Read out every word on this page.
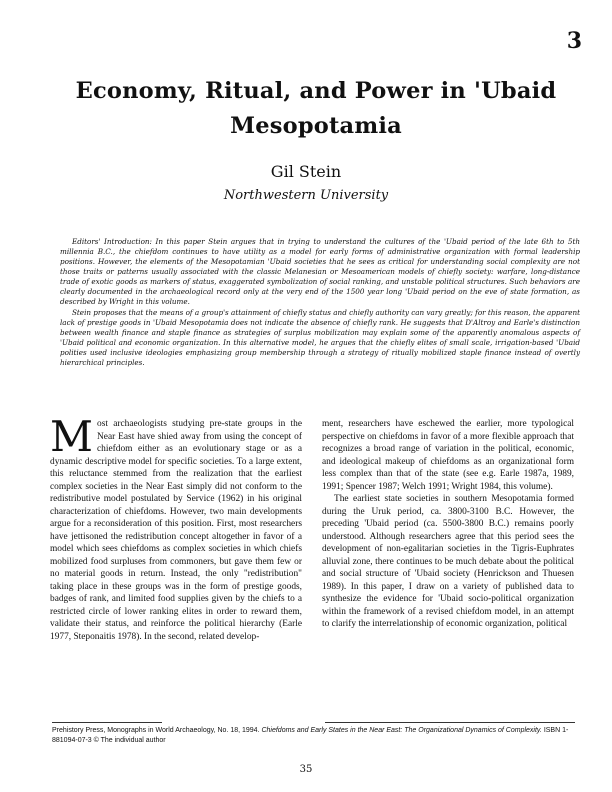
3
Economy, Ritual, and Power in 'Ubaid Mesopotamia
Gil Stein
Northwestern University

Editors' Introduction: In this paper Stein argues that in trying to understand the cultures of the 'Ubaid period of the late 6th to 5th millennia B.C., the chiefdom continues to have utility as a model for early forms of administrative organization with formal leadership positions. However, the elements of the Mesopotamian 'Ubaid societies that he sees as critical for understanding social complexity are not those traits or patterns usually associated with the classic Melanesian or Mesoamerican models of chiefly society: warfare, long-distance trade of exotic goods as markers of status, exaggerated symbolization of social ranking, and unstable political structures. Such behaviors are clearly documented in the archaeological record only at the very end of the 1500 year long 'Ubaid period on the eve of state formation, as described by Wright in this volume.

Stein proposes that the means of a group's attainment of chiefly status and chiefly authority can vary greatly; for this reason, the apparent lack of prestige goods in 'Ubaid Mesopotamia does not indicate the absence of chiefly rank. He suggests that D'Altroy and Earle's distinction between wealth finance and staple finance as strategies of surplus mobilization may explain some of the apparently anomalous aspects of 'Ubaid political and economic organization. In this alternative model, he argues that the chiefly elites of small scale, irrigation-based 'Ubaid polities used inclusive ideologies emphasizing group membership through a strategy of ritually mobilized staple finance instead of overtly hierarchical principles.

Most archaeologists studying pre-state groups in the Near East have shied away from using the concept of chiefdom either as an evolutionary stage or as a dynamic descriptive model for specific societies. To a large extent, this reluctance stemmed from the realization that the earliest complex societies in the Near East simply did not conform to the redistributive model postulated by Service (1962) in his original characterization of chiefdoms. However, two main developments argue for a reconsideration of this position. First, most researchers have jettisoned the redistribution concept altogether in favor of a model which sees chiefdoms as complex societies in which chiefs mobilized food surpluses from commoners, but gave them few or no material goods in return. Instead, the only "redistribution" taking place in these groups was in the form of prestige goods, badges of rank, and limited food supplies given by the chiefs to a restricted circle of lower ranking elites in order to reward them, validate their status, and reinforce the political hierarchy (Earle 1977, Steponaitis 1978). In the second, related develop-

ment, researchers have eschewed the earlier, more typological perspective on chiefdoms in favor of a more flexible approach that recognizes a broad range of variation in the political, economic, and ideological makeup of chiefdoms as an organizational form less complex than that of the state (see e.g. Earle 1987a, 1989, 1991; Spencer 1987; Welch 1991; Wright 1984, this volume).

The earliest state societies in southern Mesopotamia formed during the Uruk period, ca. 3800-3100 B.C. However, the preceding 'Ubaid period (ca. 5500-3800 B.C.) remains poorly understood. Although researchers agree that this period sees the development of non-egalitarian societies in the Tigris-Euphrates alluvial zone, there continues to be much debate about the political and social structure of 'Ubaid society (Henrickson and Thuesen 1989). In this paper, I draw on a variety of published data to synthesize the evidence for 'Ubaid socio-political organization within the framework of a revised chiefdom model, in an attempt to clarify the interrelationship of economic organization, political

Prehistory Press, Monographs in World Archaeology, No. 18, 1994. Chiefdoms and Early States in the Near East: The Organizational Dynamics of Complexity. ISBN 1-881094-07-3 © The individual author
35
